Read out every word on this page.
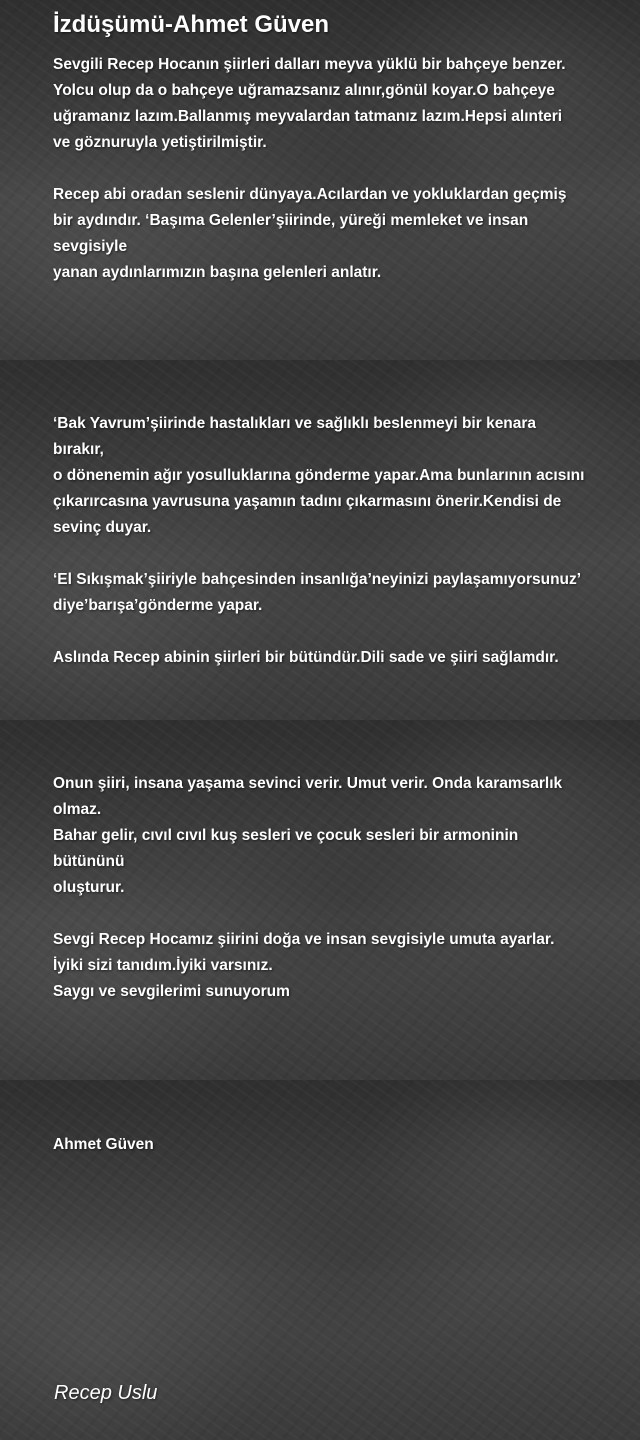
İzdüşümü-Ahmet Güven
Sevgili Recep Hocanın şiirleri dalları meyva yüklü bir bahçeye benzer.
Yolcu olup da o bahçeye uğramazsanız alınır,gönül koyar.O bahçeye
uğramanız lazım.Ballanmış meyvalardan tatmanız lazım.Hepsi alınteri
ve göznuruyla yetiştirilmiştir.
Recep abi oradan seslenir dünyaya.Acılardan ve yokluklardan geçmiş
bir aydındır. ‘Başıma Gelenler’şiirinde, yüreği memleket ve insan
sevgisiyle
yanan aydınlarımızın başına gelenleri anlatır.
‘Bak Yavrum’şiirinde hastalıkları ve sağlıklı beslenmeyi bir kenara
bırakır,
o dönenemin ağır yosulluklarına gönderme yapar.Ama bunlarının acısını
çıkarırcasına yavrusuna yaşamın tadını çıkarmasını önerir.Kendisi de
sevinç duyar.
‘El Sıkışmak’şiiriyle bahçesinden insanlığa’neyinizi paylaşamıyorsunuz’
diye’barışa’gönderme yapar.
Aslında Recep abinin şiirleri bir bütündür.Dili sade ve şiiri sağlamdır.
Onun şiiri, insana yaşama sevinci verir. Umut verir. Onda karamsarlık
olmaz.
Bahar gelir, cıvıl cıvıl kuş sesleri ve çocuk sesleri bir armoninin
bütününü
oluşturur.
Sevgi Recep Hocamız şiirini doğa ve insan sevgisiyle umuta ayarlar.
İyiki sizi tanıdım.İyiki varsınız.
Saygı ve sevgilerimi sunuyorum
Ahmet Güven
Recep Uslu
